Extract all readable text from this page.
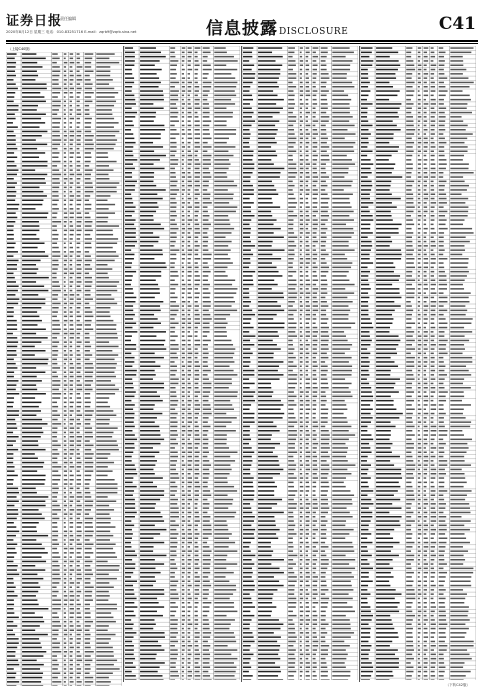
证券日报
责任编辑
2020年8月12日 星期三 电话：010-83251716 E-mail：zqrb9@zqrb.sina.net	信息披露DISCLOSURE	C41
（上接C40版）
（下转C42版）
